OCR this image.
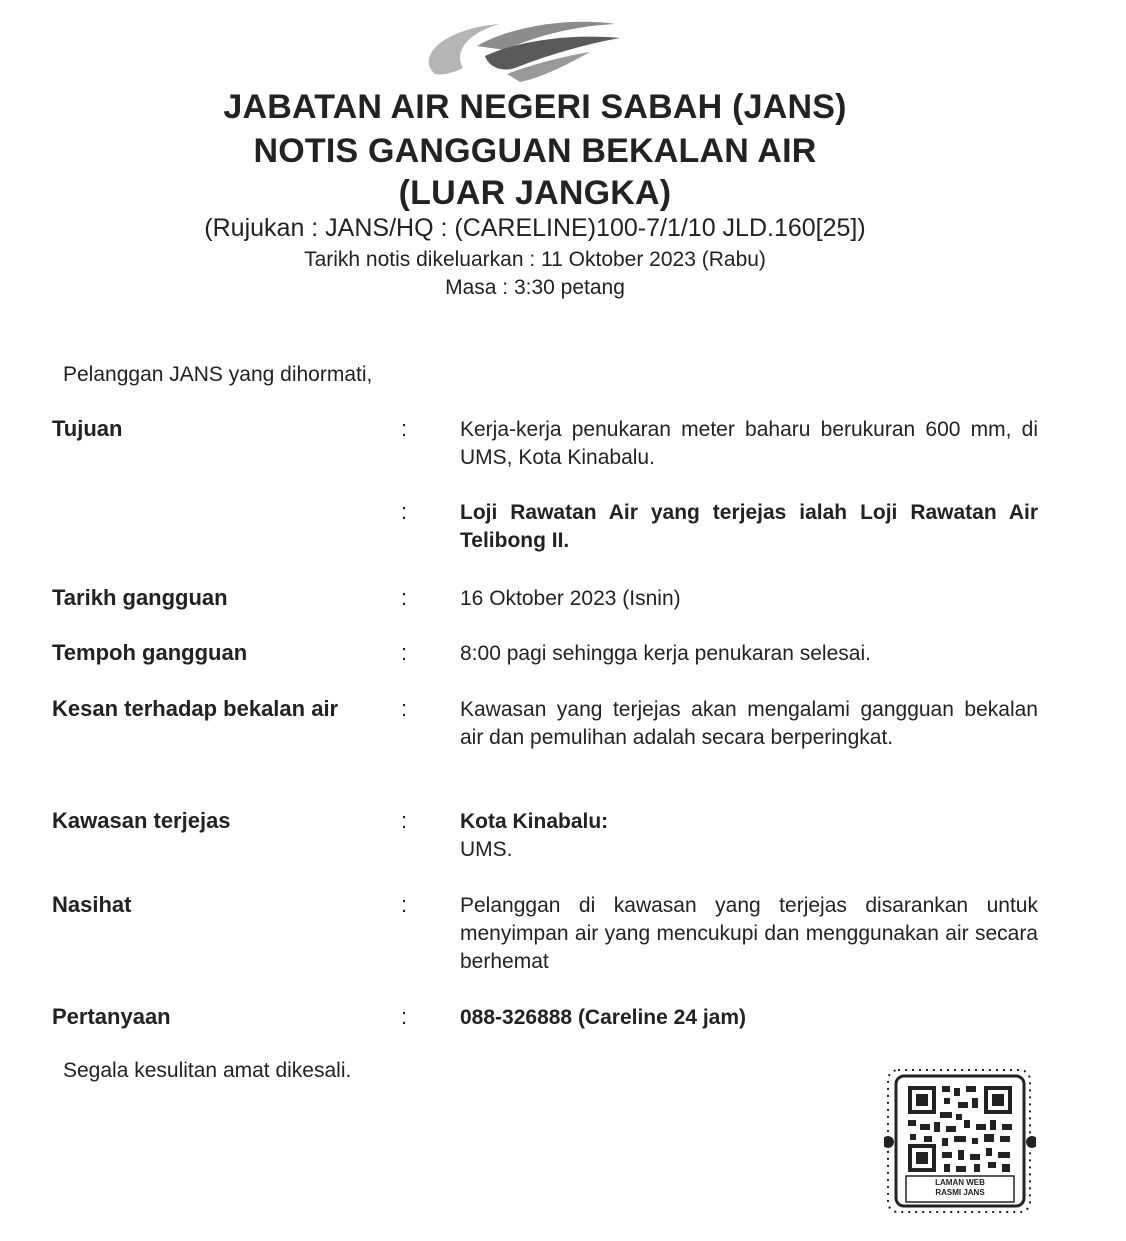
JABATAN AIR NEGERI SABAH (JANS)
NOTIS GANGGUAN BEKALAN AIR
(LUAR JANGKA)
(Rujukan : JANS/HQ : (CARELINE)100-7/1/10 JLD.160[25])
Tarikh notis dikeluarkan : 11 Oktober 2023 (Rabu)
Masa : 3:30 petang
Pelanggan JANS yang dihormati,
Tujuan	:	Kerja-kerja penukaran meter baharu berukuran 600 mm, di UMS, Kota Kinabalu.
:	Loji Rawatan Air yang terjejas ialah Loji Rawatan Air Telibong II.
Tarikh gangguan	:	16 Oktober 2023 (Isnin)
Tempoh gangguan	:	8:00 pagi sehingga kerja penukaran selesai.
Kesan terhadap bekalan air	:	Kawasan yang terjejas akan mengalami gangguan bekalan air dan pemulihan adalah secara berperingkat.
Kawasan terjejas	:	Kota Kinabalu:
UMS.
Nasihat	:	Pelanggan di kawasan yang terjejas disarankan untuk menyimpan air yang mencukupi dan menggunakan air secara berhemat
Pertanyaan	:	088-326888 (Careline 24 jam)
Segala kesulitan amat dikesali.
LAMAN WEB
RASMI JANS
